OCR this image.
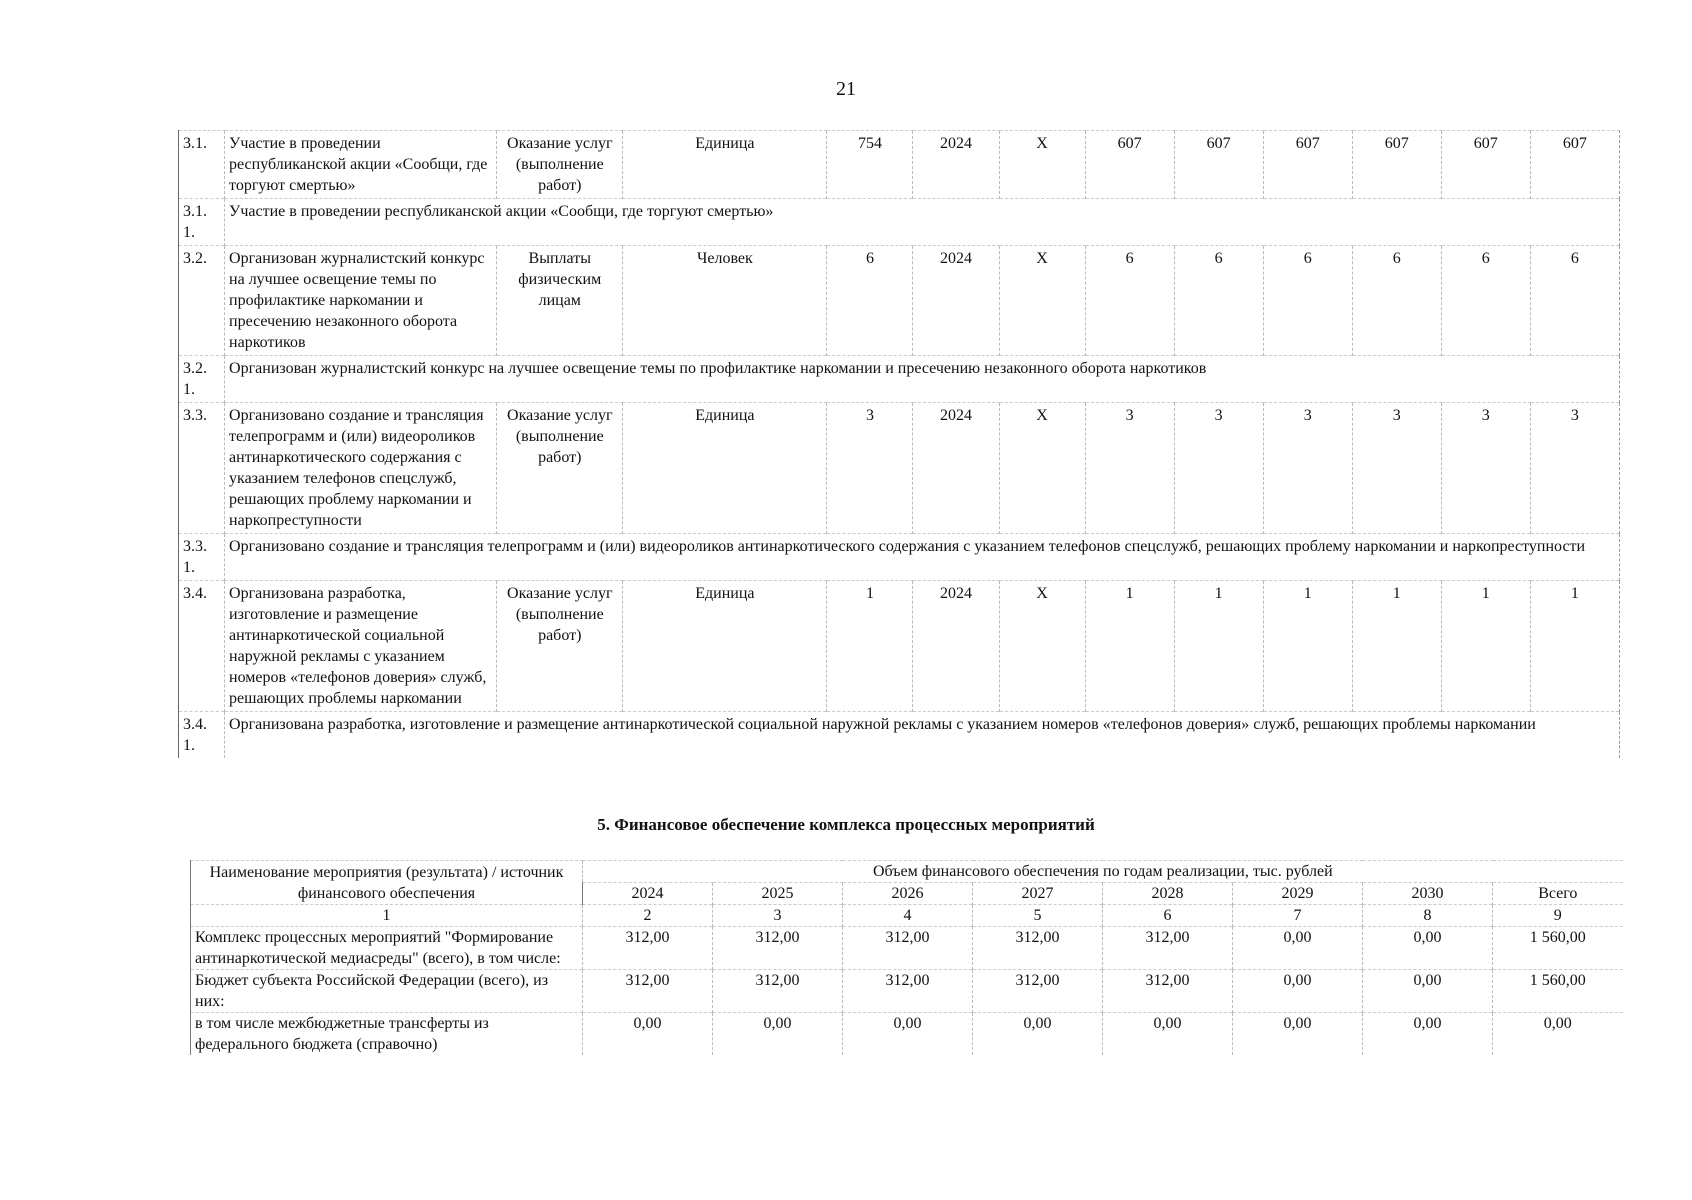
21
3.1.	Участие в проведении республиканской акции «Сообщи, где торгуют смертью»	Оказание услуг (выполнение работ)	Единица	754	2024	X	607	607	607	607	607	607
3.1. 1.	Участие в проведении республиканской акции «Сообщи, где торгуют смертью»											
3.2.	Организован журналистский конкурс на лучшее освещение темы по профилактике наркомании и пресечению незаконного оборота наркотиков	Выплаты физическим лицам	Человек	6	2024	X	6	6	6	6	6	6
3.2. 1.	Организован журналистский конкурс на лучшее освещение темы по профилактике наркомании и пресечению незаконного оборота наркотиков											
3.3.	Организовано создание и трансляция телепрограмм и (или) видеороликов антинаркотического содержания с указанием телефонов спецслужб, решающих проблему наркомании и наркопреступности	Оказание услуг (выполнение работ)	Единица	3	2024	X	3	3	3	3	3	3
3.3. 1.	Организовано создание и трансляция телепрограмм и (или) видеороликов антинаркотического содержания с указанием телефонов спецслужб, решающих проблему наркомании и наркопреступности											
3.4.	Организована разработка, изготовление и размещение антинаркотической социальной наружной рекламы с указанием номеров «телефонов доверия» служб, решающих проблемы наркомании	Оказание услуг (выполнение работ)	Единица	1	2024	X	1	1	1	1	1	1
3.4. 1.	Организована разработка, изготовление и размещение антинаркотической социальной наружной рекламы с указанием номеров «телефонов доверия» служб, решающих проблемы наркомании											
5. Финансовое обеспечение комплекса процессных мероприятий
Наименование мероприятия (результата) / источник финансового обеспечения	Объем финансового обеспечения по годам реализации, тыс. рублей							
	2024	2025	2026	2027	2028	2029	2030	Всего
1	2	3	4	5	6	7	8	9
Комплекс процессных мероприятий "Формирование антинаркотической медиасреды" (всего), в том числе:	312,00	312,00	312,00	312,00	312,00	0,00	0,00	1 560,00
Бюджет субъекта Российской Федерации (всего), из них:	312,00	312,00	312,00	312,00	312,00	0,00	0,00	1 560,00
в том числе межбюджетные трансферты из федерального бюджета (справочно)	0,00	0,00	0,00	0,00	0,00	0,00	0,00	0,00
